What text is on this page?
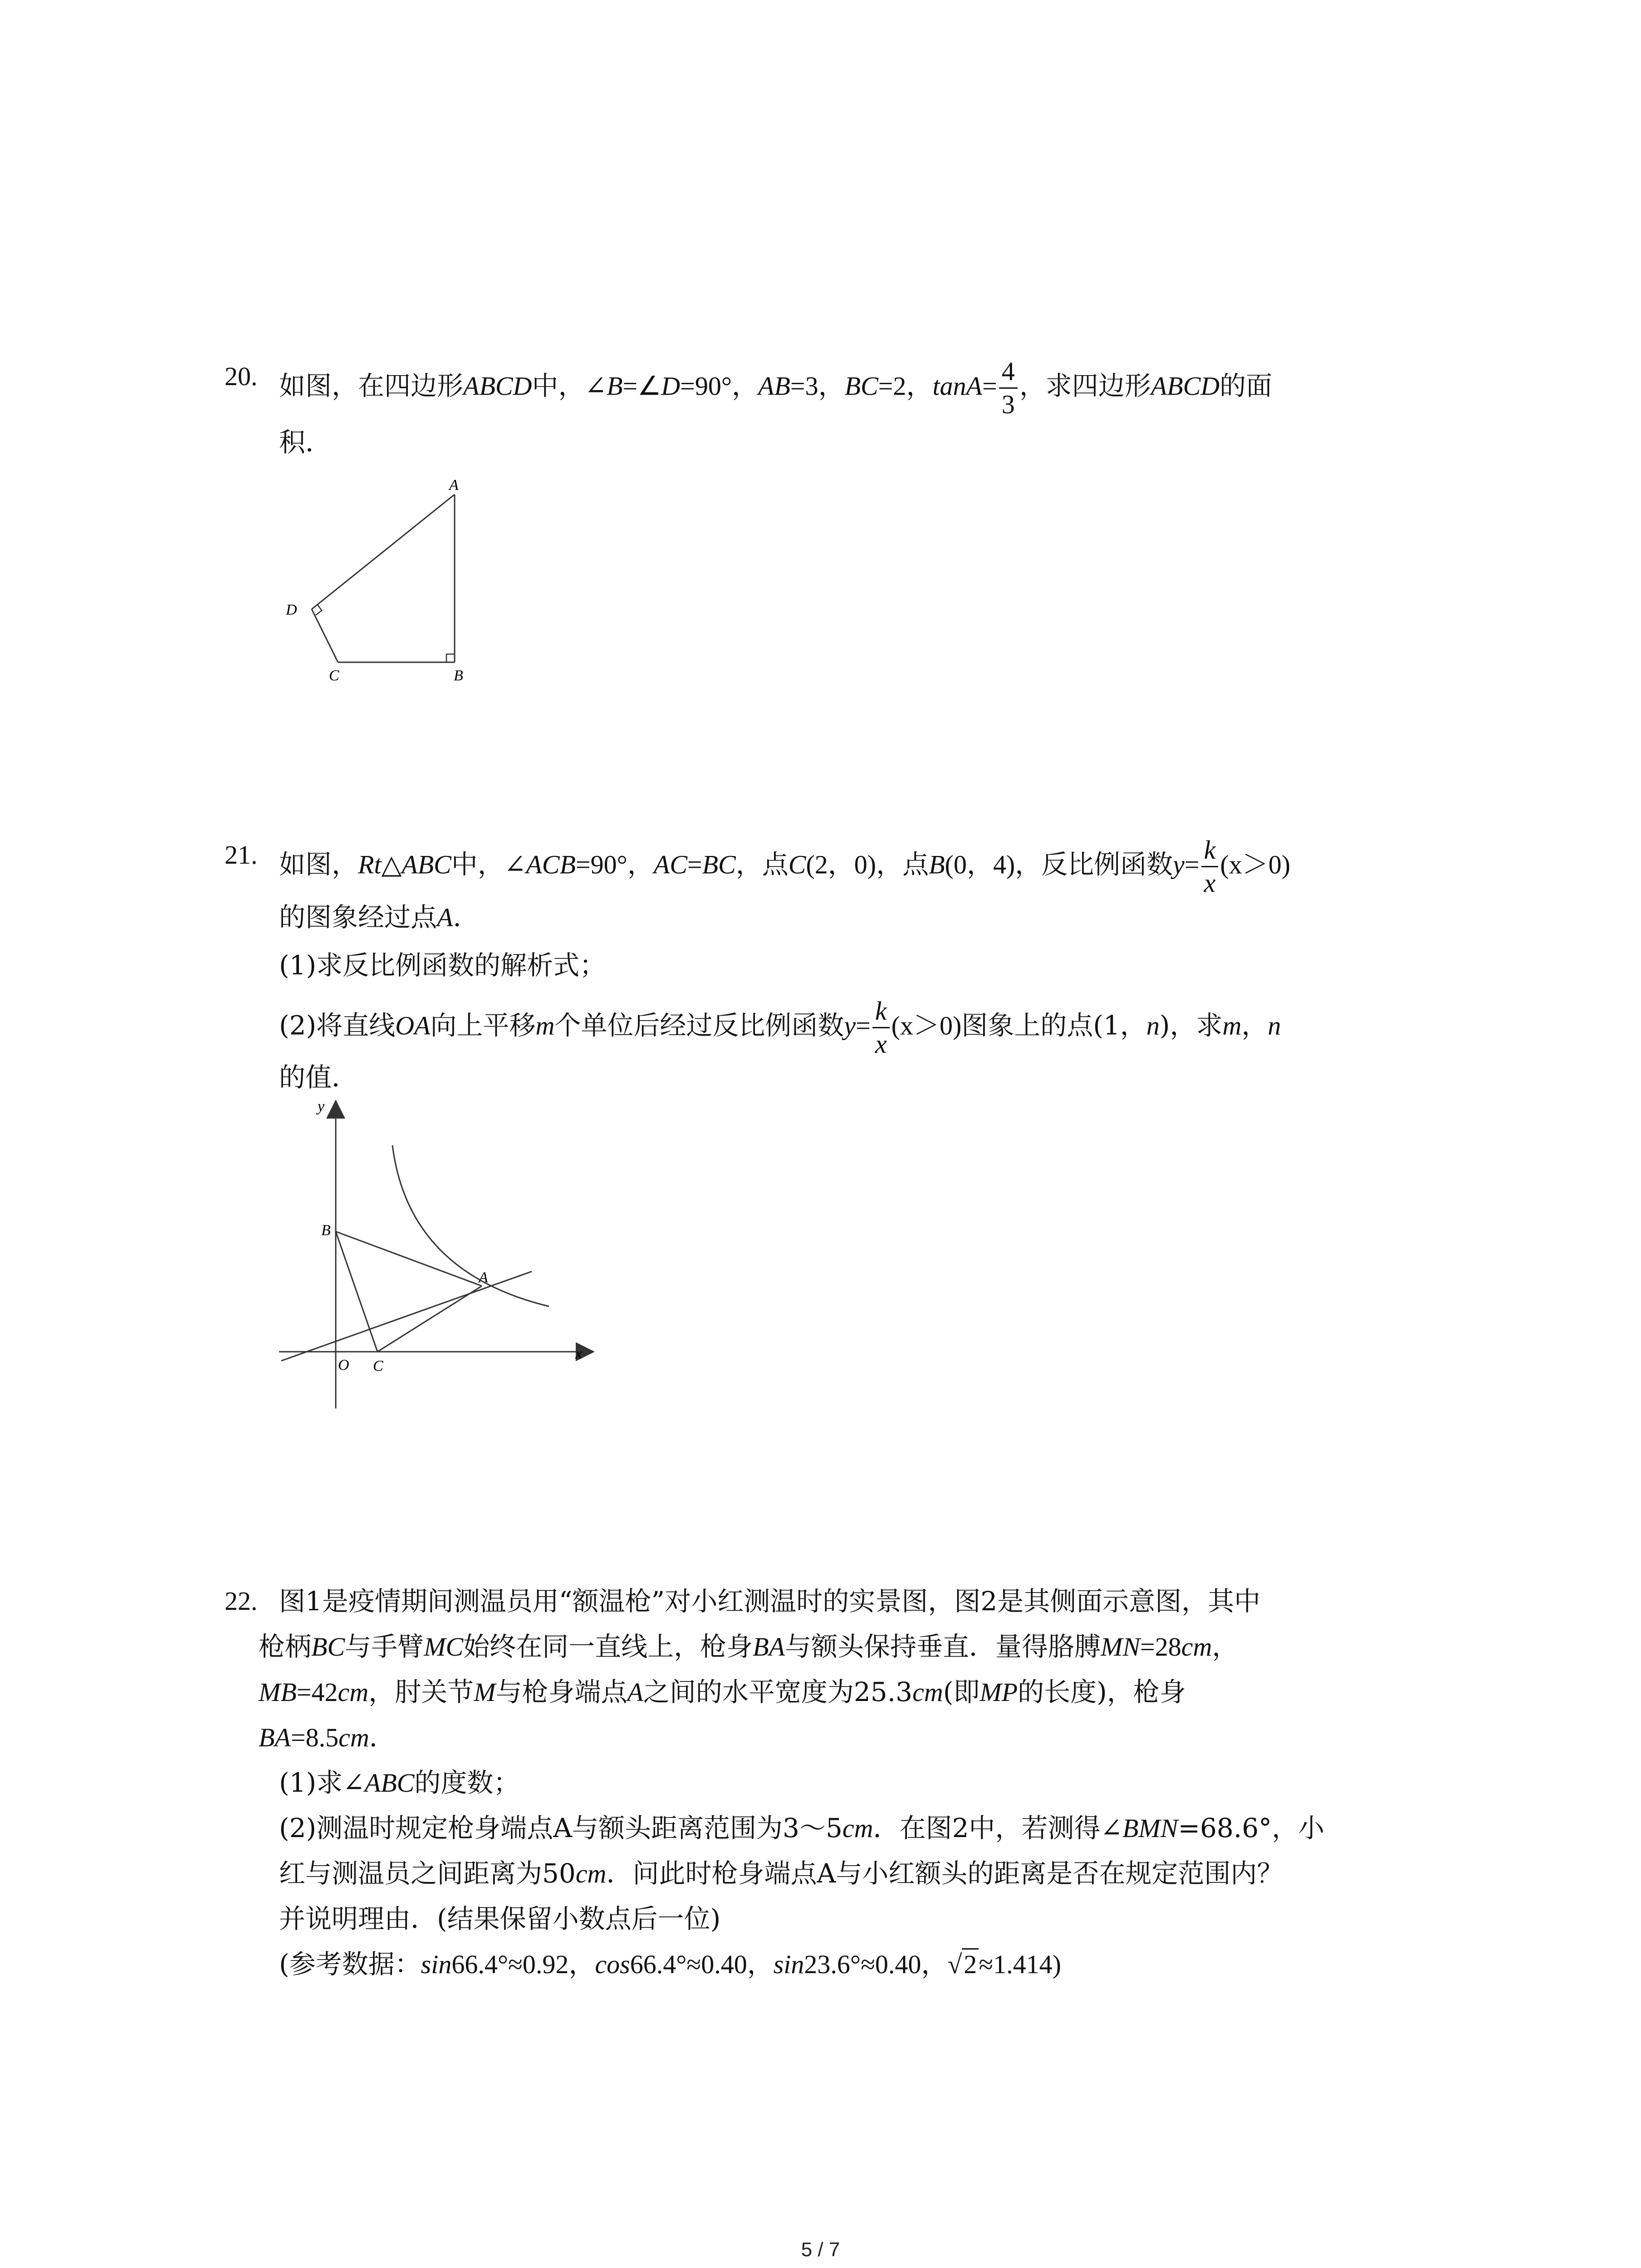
20. 如图，在四边形ABCD中，∠B=∠D=90°，AB=3，BC=2，$\tan A= \frac{4}{3}$ ，求四边形ABCD的面
积．
A
B
C
D
21. 如图，Rt△ABC中，∠ACB=90°，AC=BC，点C(2，0)，点B(0，4)，反比例函数$y= \frac{k}{x} (x>0)$
的图象经过点A．
(1)求反比例函数的解析式；
(2)将直线OA向上平移m个单位后经过反比例函数$y= \frac{k}{x} (x>0)$图象上的点(1，n)，求m，n
的值．
y
x
O C
B
A
22. 图1是疫情期间测温员用“额温枪”对小红测温时的实景图，图2是其侧面示意图，其中
枪柄BC与手臂MC始终在同一直线上，枪身BA与额头保持垂直．量得胳膊MN=28cm，
MB=42cm，肘关节M与枪身端点A之间的水平宽度为25.3cm(即MP的长度)，枪身
BA=8.5cm．
(1)求∠ABC的度数；
(2)测温时规定枪身端点A与额头距离范围为3～5cm．在图2中，若测得∠BMN=68.6°，小
红与测温员之间距离为50cm．问此时枪身端点A与小红额头的距离是否在规定范围内？
并说明理由．(结果保留小数点后一位)
(参考数据：sin66.4°≈0.92，cos66.4°≈0.40，sin23.6°≈0.40，√2≈1.414)
5 / 7
